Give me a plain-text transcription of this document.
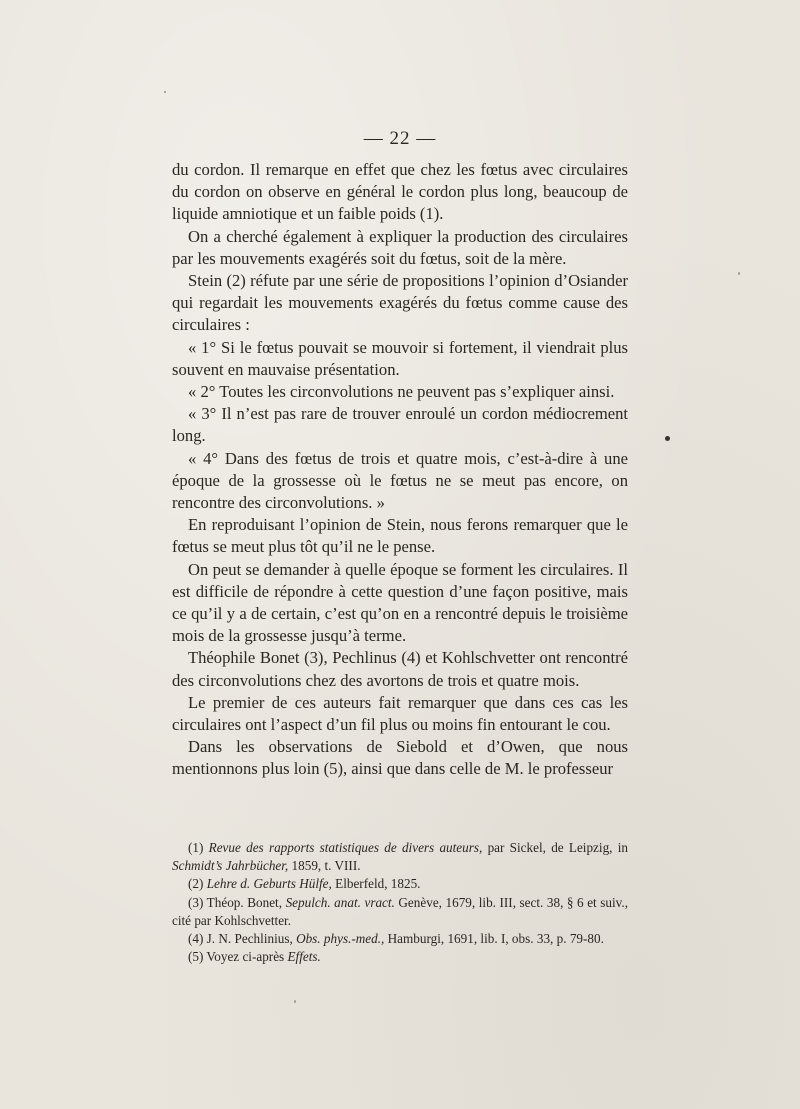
— 22 —

du cordon. Il remarque en effet que chez les fœtus avec circulaires du cordon on observe en général le cordon plus long, beaucoup de liquide amniotique et un faible poids (1).

On a cherché également à expliquer la production des circulaires par les mouvements exagérés soit du fœtus, soit de la mère.

Stein (2) réfute par une série de propositions l’opinion d’Osiander qui regardait les mouvements exagérés du fœtus comme cause des circulaires :

« 1° Si le fœtus pouvait se mouvoir si fortement, il viendrait plus souvent en mauvaise présentation.

« 2° Toutes les circonvolutions ne peuvent pas s’expliquer ainsi.

« 3° Il n’est pas rare de trouver enroulé un cordon médiocrement long.

« 4° Dans des fœtus de trois et quatre mois, c’est-à-dire à une époque de la grossesse où le fœtus ne se meut pas encore, on rencontre des circonvolutions. »

En reproduisant l’opinion de Stein, nous ferons remarquer que le fœtus se meut plus tôt qu’il ne le pense.

On peut se demander à quelle époque se forment les circulaires. Il est difficile de répondre à cette question d’une façon positive, mais ce qu’il y a de certain, c’est qu’on en a rencontré depuis le troisième mois de la grossesse jusqu’à terme.

Théophile Bonet (3), Pechlinus (4) et Kohlschvetter ont rencontré des circonvolutions chez des avortons de trois et quatre mois.

Le premier de ces auteurs fait remarquer que dans ces cas les circulaires ont l’aspect d’un fil plus ou moins fin entourant le cou.

Dans les observations de Siebold et d’Owen, que nous mentionnons plus loin (5), ainsi que dans celle de M. le professeur

(1) Revue des rapports statistiques de divers auteurs, par Sickel, de Leipzig, in Schmidt’s Jahrbücher, 1859, t. VIII.

(2) Lehre d. Geburts Hülfe, Elberfeld, 1825.

(3) Théop. Bonet, Sepulch. anat. vract. Genève, 1679, lib. III, sect. 38, § 6 et suiv., cité par Kohlschvetter.

(4) J. N. Pechlinius, Obs. phys.-med., Hamburgi, 1691, lib. I, obs. 33, p. 79-80.

(5) Voyez ci-après Effets.
